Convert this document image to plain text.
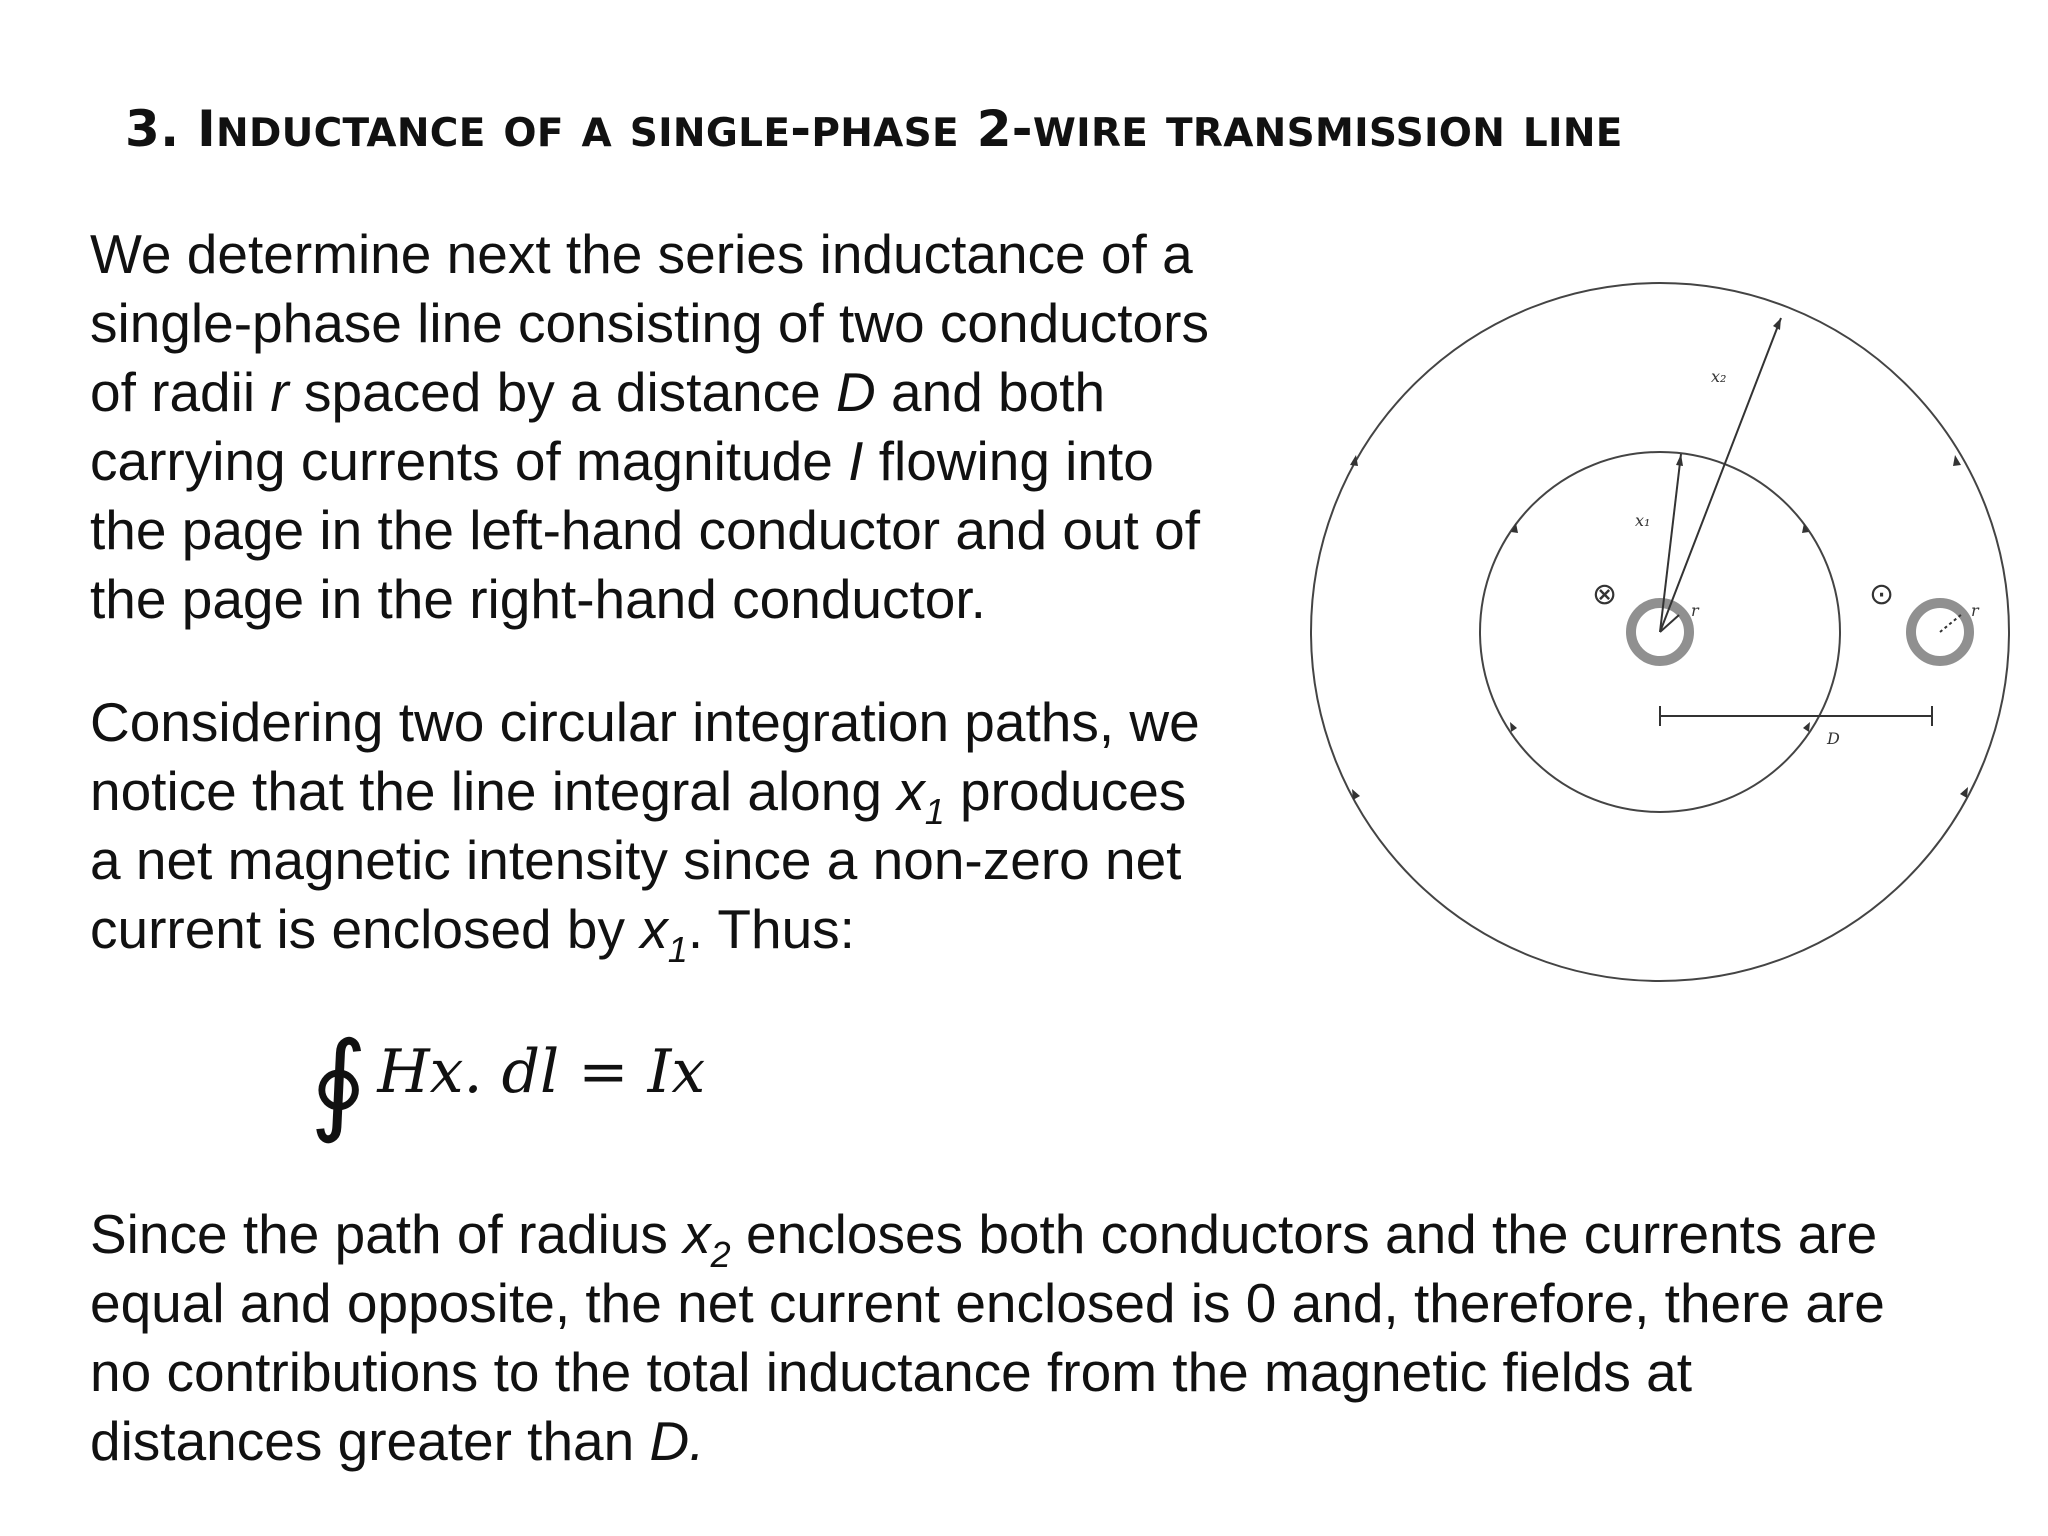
3. INDUCTANCE OF A SINGLE-PHASE 2-WIRE TRANSMISSION LINE

We determine next the series inductance of a
single-phase line consisting of two conductors
of radii r spaced by a distance D and both
carrying currents of magnitude I flowing into
the page in the left-hand conductor and out of
the page in the right-hand conductor.

Considering two circular integration paths, we
notice that the line integral along $x_1$ produces
a net magnetic intensity since a non-zero net
current is enclosed by $x_1$. Thus:

∮ Hx. dl = Ix

Since the path of radius $x_2$ encloses both conductors and the currents are
equal and opposite, the net current enclosed is 0 and, therefore, there are
no contributions to the total inductance from the magnetic fields at
distances greater than D.

⊗	⊙
x₂
x₁
r	r
D
